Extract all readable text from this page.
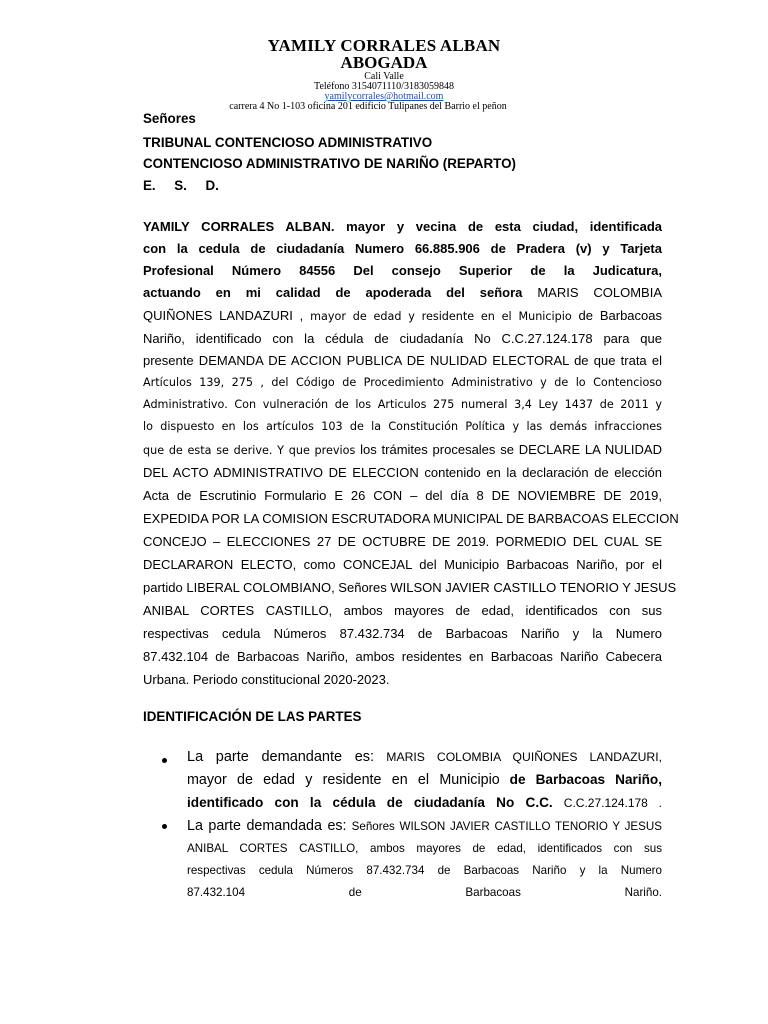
YAMILY CORRALES ALBAN
ABOGADA
Cali Valle
Teléfono 3154071110/3183059848
yamilycorrales@hotmail.com
carrera 4 No 1-103 oficina 201 edificio Tulipanes del Barrio el peñon
Señores
TRIBUNAL CONTENCIOSO ADMINISTRATIVO
CONTENCIOSO ADMINISTRATIVO DE NARIÑO (REPARTO)
E.     S.     D.
YAMILY CORRALES ALBAN. mayor y vecina de esta ciudad, identificada
con la cedula de ciudadanía Numero 66.885.906 de Pradera (v) y Tarjeta
Profesional Número 84556 Del consejo Superior de la Judicatura,
actuando en mi calidad de apoderada del señora MARIS COLOMBIA
QUIÑONES LANDAZURI , mayor de edad y residente en el Municipio de Barbacoas
Nariño, identificado con la cédula de ciudadanía No C.C.27.124.178 para que
presente DEMANDA DE ACCION PUBLICA DE NULIDAD ELECTORAL de que trata el
Artículos 139, 275 , del Código de Procedimiento Administrativo y de lo Contencioso
Administrativo. Con vulneración de los Articulos 275 numeral 3,4 Ley 1437 de 2011 y
lo dispuesto en los artículos 103 de la Constitución Política y las demás infracciones
que de esta se derive. Y que previos los trámites procesales se DECLARE LA NULIDAD
DEL ACTO ADMINISTRATIVO DE ELECCION contenido en la declaración de elección
Acta de Escrutinio Formulario E 26 CON – del día 8 DE NOVIEMBRE DE 2019,
EXPEDIDA POR LA COMISION ESCRUTADORA MUNICIPAL DE BARBACOAS ELECCION
CONCEJO – ELECCIONES 27 DE OCTUBRE DE 2019. PORMEDIO DEL CUAL SE
DECLARARON ELECTO, como CONCEJAL del Municipio Barbacoas Nariño, por el
partido LIBERAL COLOMBIANO, Señores WILSON JAVIER CASTILLO TENORIO Y JESUS
ANIBAL CORTES CASTILLO, ambos mayores de edad, identificados con sus
respectivas cedula Números 87.432.734 de Barbacoas Nariño y la Numero
87.432.104 de Barbacoas Nariño, ambos residentes en Barbacoas Nariño Cabecera
Urbana. Periodo constitucional 2020-2023.
IDENTIFICACIÓN DE LAS PARTES
La parte demandante es: MARIS COLOMBIA QUIÑONES LANDAZURI,
mayor de edad y residente en el Municipio de Barbacoas Nariño,
identificado con la cédula de ciudadanía No C.C. C.C.27.124.178 .
La parte demandada es: Señores WILSON JAVIER CASTILLO TENORIO Y JESUS
ANIBAL CORTES CASTILLO, ambos mayores de edad, identificados con sus
respectivas cedula Números 87.432.734 de Barbacoas Nariño y la Numero
87.432.104 de Barbacoas Nariño.
